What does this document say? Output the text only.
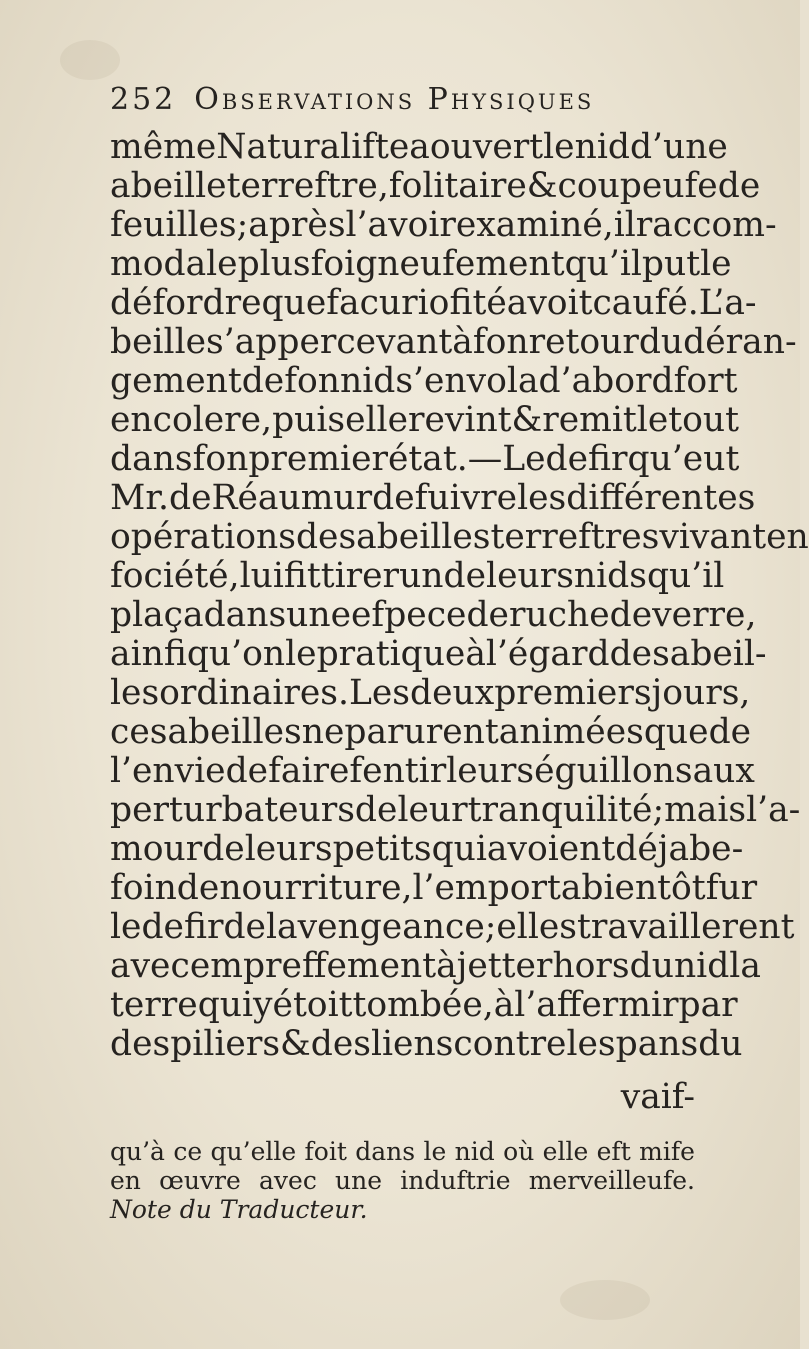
252 Observations Physiques
même Naturalifte a ouvert le nid d’une
abeille terreftre, folitaire & coupeufe de
feuilles; après l’avoir examiné, il raccom-
moda le plus foigneufement qu’il put le
défordre que fa curiofité avoit caufé. L’a-
beille s’appercevant à fon retour du déran-
gement de fon nid s’envola d’abord fort
en colere, puis elle revint & remit le tout
dans fon premier état. — Le defir qu’eut
Mr. de Réaumur de fuivre les différentes
opérations des abeilles terreftres vivant en
fociété, lui fit tirer un de leurs nids qu’il
plaça dans une efpece de ruche de verre,
ainfi qu’on le pratique à l’égard des abeil-
les ordinaires. Les deux premiers jours,
ces abeilles ne parurent animées que de
l’envie de faire fentir leurs éguillons aux
perturbateurs de leur tranquilité; mais l’a-
mour de leurs petits qui avoient déja be-
foin de nourriture, l’emporta bientôt fur
le defir de la vengeance; elles travaillerent
avec empreffement à jetter hors du nid la
terre qui y étoit tombée, à l’affermir par
des piliers & des liens contre les pans du
vaif-
qu’à ce qu’elle foit dans le nid où elle eft mife
en œuvre avec une induftrie merveilleufe.
Note du Traducteur.
